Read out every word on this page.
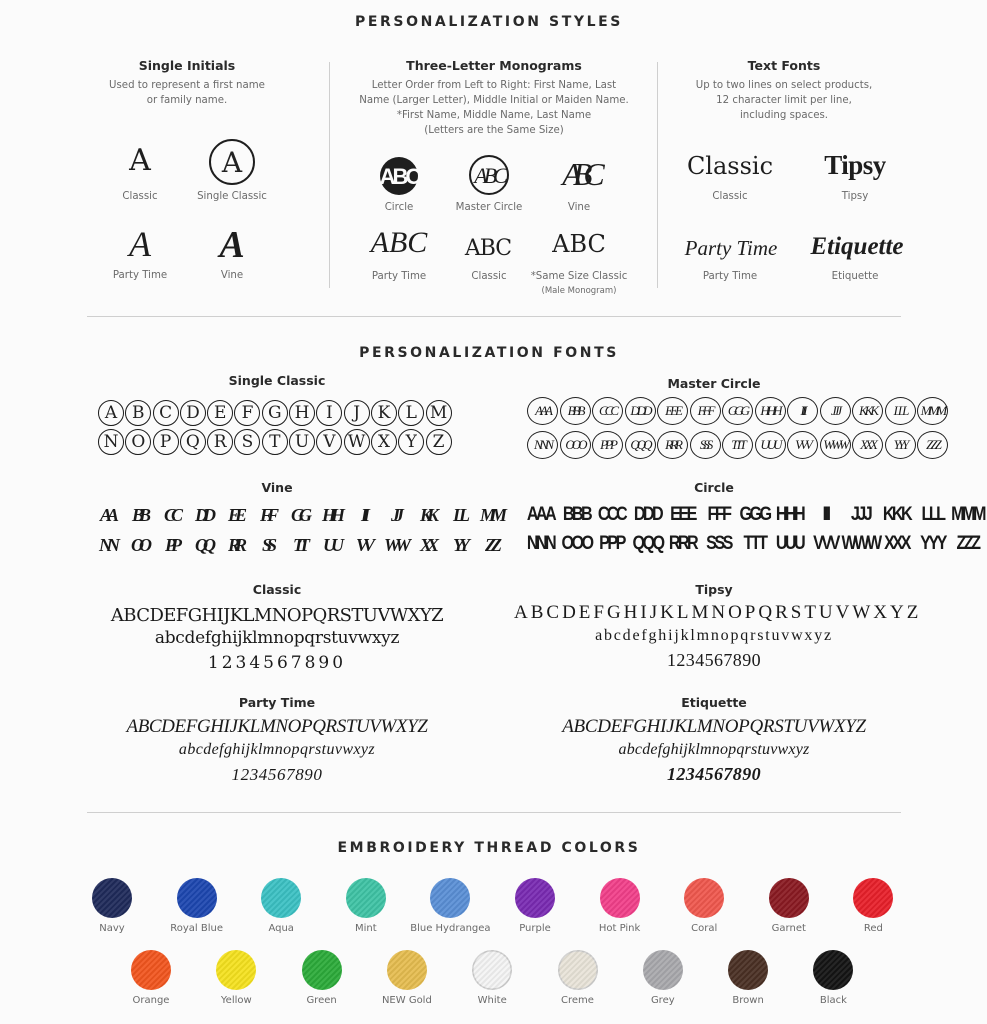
PERSONALIZATION STYLES
Single Initials
Used to represent a first name
or family name.
A
Classic
A
Single Classic
A
Party Time
A
Vine
Three-Letter Monograms
Letter Order from Left to Right: First Name, Last
Name (Larger Letter), Middle Initial or Maiden Name.
*First Name, Middle Name, Last Name
(Letters are the Same Size)
ABC
Circle
ABC
Master Circle
ABC
Vine
ABC
Party Time
ABC
Classic
ABC
*Same Size Classic
(Male Monogram)
Text Fonts
Up to two lines on select products,
12 character limit per line,
including spaces.
Classic
Classic
Tipsy
Tipsy
Party Time
Party Time
Etiquette
Etiquette
PERSONALIZATION FONTS
Single Classic
A B C D E F G H I	J	K L M
N O P Q R S T U V W X Y Z
Master Circle
AAA	BBB	CCC	DDD	EEE	FFF	GGG	HHH	III	JJJ	KKK	LLL	MMM
NNN	OOO	PPP	QQQ	RRR	SSS	TTT	UUU	VVV	WWW	XXX	YYY	ZZZ
Vine
AA BB CC DD EE FF GG HH	II	JJ	KK	LL MM
NN OO	PP	QQ RR	SS	TT	UU VV WW XX	YY	ZZ
Circle
AAA BBB CCC DDD EEE FFF GGG HHH	III	JJJ KKK LLL MMM
NNN OOO PPP QQQ RRR SSS TTT UUU VVV WWW XXX YYY ZZZ
Classic
ABCDEFGHIJKLMNOPQRSTUVWXYZ
abcdefghijklmnopqrstuvwxyz
1234567890
Tipsy
ABCDEFGHIJKLMNOPQRSTUVWXYZ
abcdefghijklmnopqrstuvwxyz
1234567890
Party Time
ABCDEFGHIJKLMNOPQRSTUVWXYZ
abcdefghijklmnopqrstuvwxyz
1234567890
Etiquette
ABCDEFGHIJKLMNOPQRSTUVWXYZ
abcdefghijklmnopqrstuvwxyz
1234567890
EMBROIDERY THREAD COLORS
Navy	Royal Blue	Aqua	Mint	Blue Hydrangea	Purple	Hot Pink	Coral	Garnet	Red
Orange	Yellow	Green	NEW Gold	White	Creme	Grey	Brown	Black
